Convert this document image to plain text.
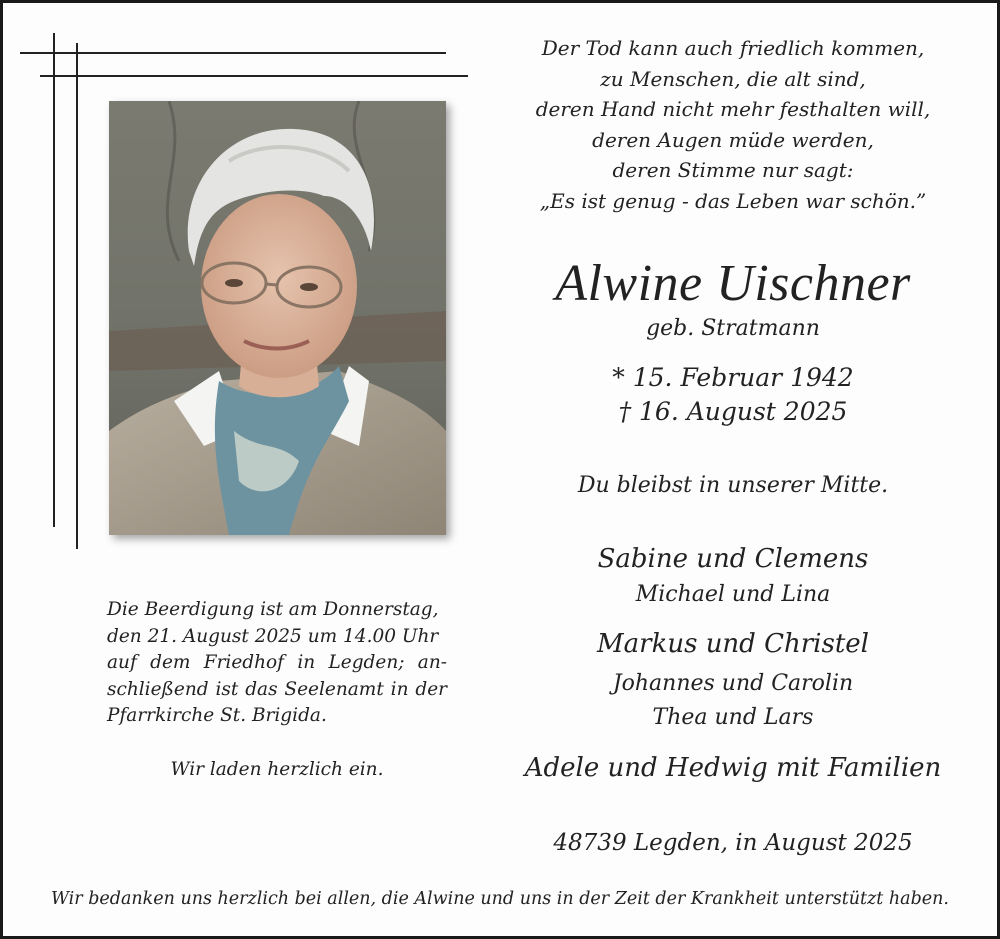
Der Tod kann auch friedlich kommen,
zu Menschen, die alt sind,
deren Hand nicht mehr festhalten will,
deren Augen müde werden,
deren Stimme nur sagt:
„Es ist genug - das Leben war schön.”
Alwine Uischner
geb. Stratmann
* 15. Februar 1942
† 16. August 2025
Du bleibst in unserer Mitte.
Sabine und Clemens
Michael und Lina
Markus und Christel
Johannes und Carolin
Thea und Lars
Adele und Hedwig mit Familien
48739 Legden, in August 2025

Die Beerdigung ist am Donnerstag,

den 21. August 2025 um 14.00 Uhr

auf dem Friedhof in Legden; an-

schließend ist das Seelenamt in der

Pfarrkirche St. Brigida.

Wir laden herzlich ein.
Wir bedanken uns herzlich bei allen, die Alwine und uns in der Zeit der Krankheit unterstützt haben.
